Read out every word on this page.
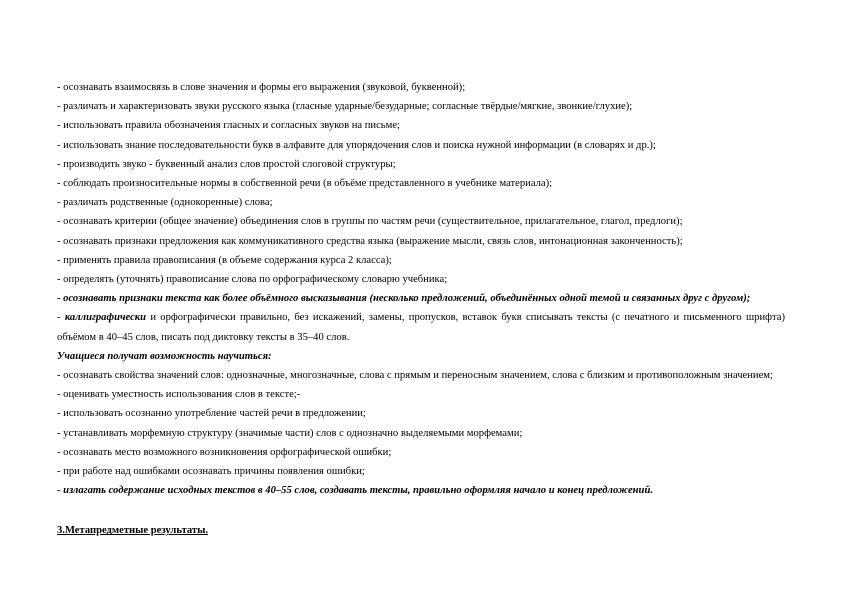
- осознавать взаимосвязь в слове значения и формы его выражения (звуковой, буквенной);
- различать и характеризовать звуки русского языка (гласные ударные/безударные; согласные твёрдые/мягкие, звонкие/глухие);
- использовать правила обозначения гласных и согласных звуков на письме;
- использовать знание последовательности букв в алфавите для упорядочения слов и поиска нужной информации (в словарях и др.);
- производить звуко - буквенный анализ слов простой слоговой структуры;
- соблюдать произносительные нормы в собственной речи (в объёме представленного в учебнике материала);
- различать родственные (однокоренные) слова;
- осознавать критерии (общее значение) объединения слов в группы по частям речи (существительное, прилагательное, глагол, предлоги);
- осознавать признаки предложения как коммуникативного средства языка (выражение мысли, связь слов, интонационная законченность);
- применять правила правописания (в объеме содержания курса 2 класса);
- определять (уточнять) правописание слова по орфографическому словарю учебника;
- осознавать признаки текста как более объёмного высказывания (несколько предложений, объединённых одной темой и связанных друг с другом);
- каллиграфически и орфографически правильно, без искажений, замены, пропусков, вставок букв списывать тексты (с печатного и письменного шрифта) объёмом в 40–45 слов, писать под диктовку тексты в 35–40 слов.
Учащиеся получат возможность научиться:
- осознавать свойства значений слов: однозначные, многозначные, слова с прямым и переносным значением, слова с близким и противоположным значением;
- оценивать уместность использования слов в тексте;-
- использовать осознанно употребление частей речи в предложении;
- устанавливать морфемную структуру (значимые части) слов с однозначно выделяемыми морфемами;
- осознавать место возможного возникновения орфографической ошибки;
- при работе над ошибками осознавать причины появления ошибки;
- излагать содержание исходных текстов в 40–55 слов, создавать тексты, правильно оформляя начало и конец предложений.
3.Метапредметные результаты.
